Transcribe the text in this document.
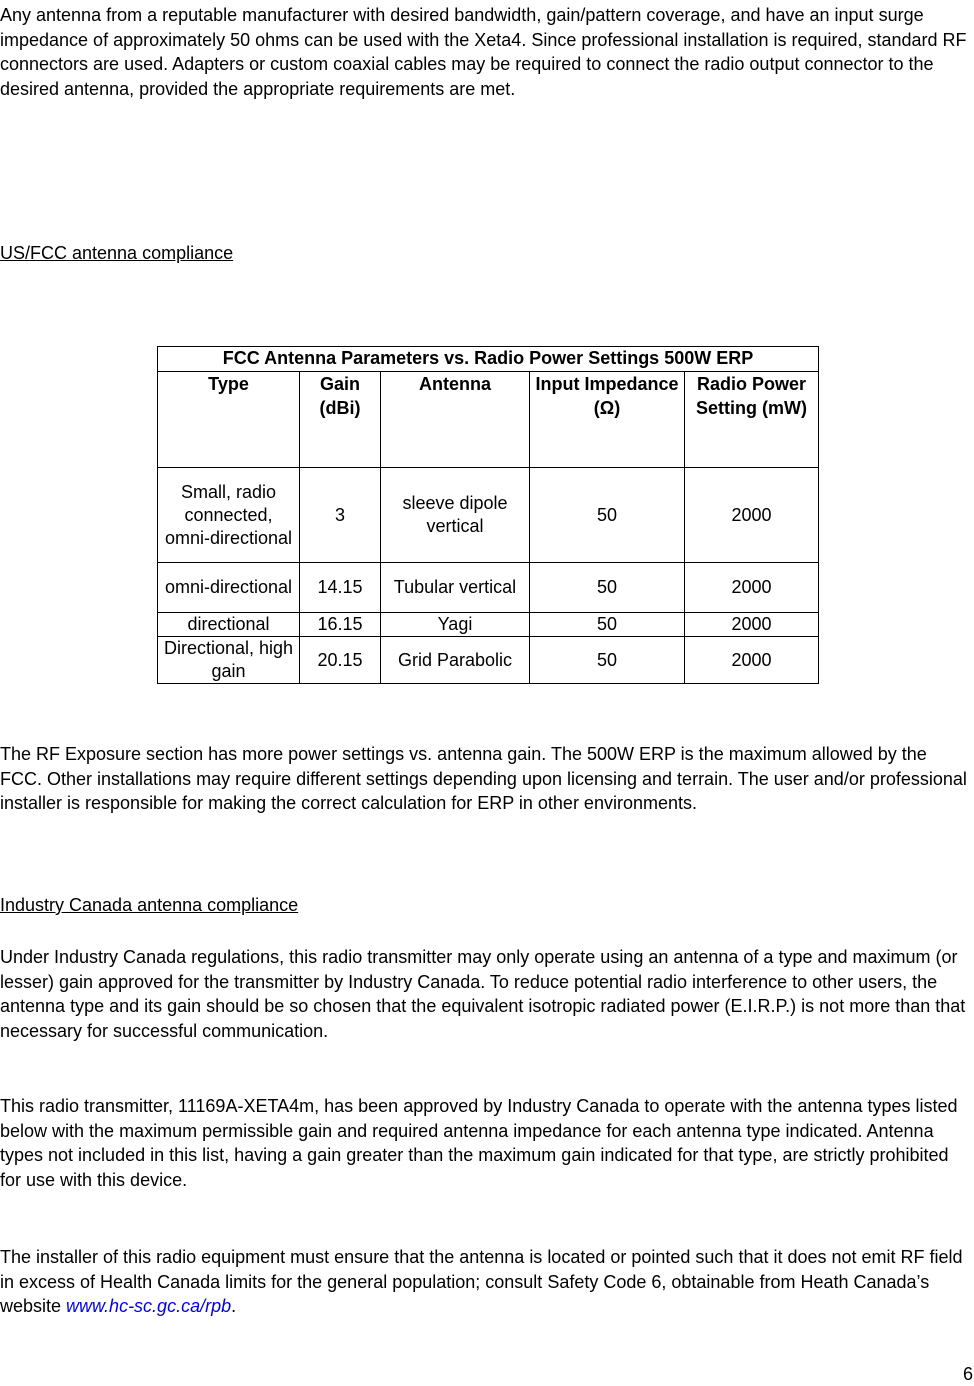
Any antenna from a reputable manufacturer with desired bandwidth, gain/pattern coverage, and have an input surge impedance of approximately 50 ohms can be used with the Xeta4. Since professional installation is required, standard RF connectors are used. Adapters or custom coaxial cables may be required to connect the radio output connector to the desired antenna, provided the appropriate requirements are met.

US/FCC antenna compliance

FCC Antenna Parameters vs. Radio Power Settings 500W ERP
Type	Gain (dBi)	Antenna	Input Impedance (Ω)	Radio Power Setting (mW)
Small, radio connected, omni-directional	3	sleeve dipole vertical	50	2000
omni-directional	14.15	Tubular vertical	50	2000
directional	16.15	Yagi	50	2000
Directional, high gain	20.15	Grid Parabolic	50	2000

The RF Exposure section has more power settings vs. antenna gain. The 500W ERP is the maximum allowed by the FCC. Other installations may require different settings depending upon licensing and terrain. The user and/or professional installer is responsible for making the correct calculation for ERP in other environments.

Industry Canada antenna compliance

Under Industry Canada regulations, this radio transmitter may only operate using an antenna of a type and maximum (or lesser) gain approved for the transmitter by Industry Canada. To reduce potential radio interference to other users, the antenna type and its gain should be so chosen that the equivalent isotropic radiated power (E.I.R.P.) is not more than that necessary for successful communication.

This radio transmitter, 11169A-XETA4m, has been approved by Industry Canada to operate with the antenna types listed below with the maximum permissible gain and required antenna impedance for each antenna type indicated. Antenna types not included in this list, having a gain greater than the maximum gain indicated for that type, are strictly prohibited for use with this device.

The installer of this radio equipment must ensure that the antenna is located or pointed such that it does not emit RF field in excess of Health Canada limits for the general population; consult Safety Code 6, obtainable from Heath Canada’s website www.hc-sc.gc.ca/rpb.

6
